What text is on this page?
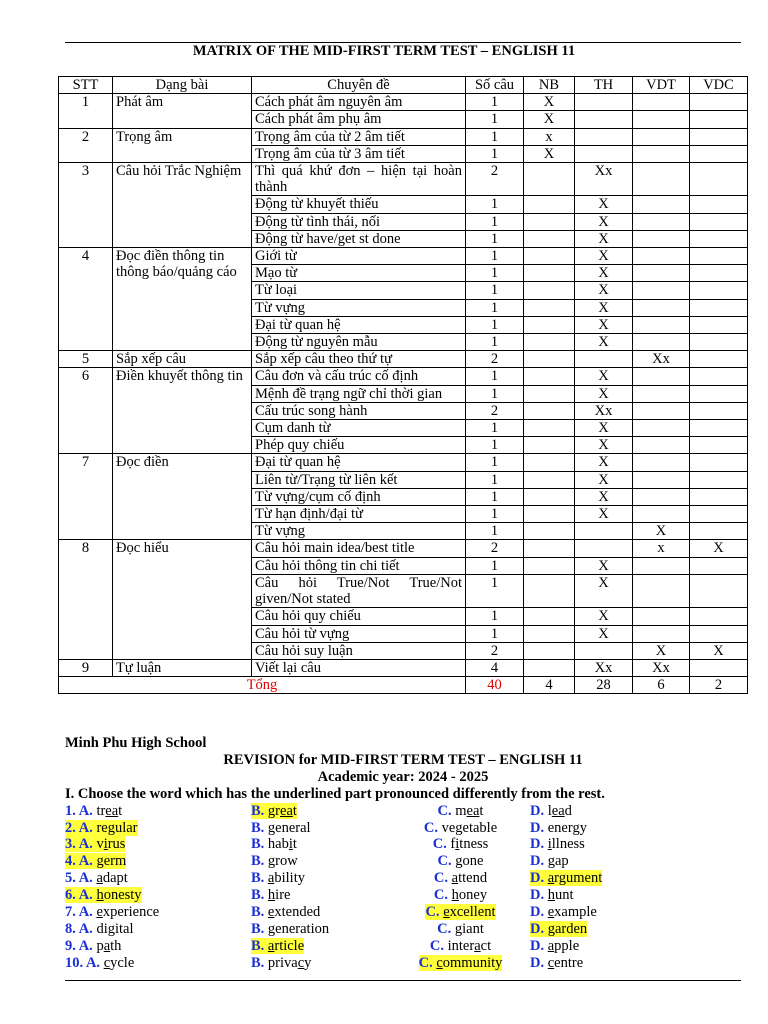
MATRIX OF THE MID-FIRST TERM TEST – ENGLISH 11
STT	Dạng bài	Chuyên đề	Số câu	NB	TH	VDT	VDC
1	Phát âm	Cách phát âm nguyên âm	1	X			
		Cách phát âm phụ âm	1	X			
2	Trọng âm	Trọng âm của từ 2 âm tiết	1	x			
		Trọng âm của từ 3 âm tiết	1	X			
3	Câu hỏi Trắc Nghiệm	Thì quá khứ đơn – hiện tại hoàn thành	2		Xx		
		Động từ khuyết thiếu	1		X		
		Động từ tình thái, nối	1		X		
		Động từ have/get st done	1		X		
4	Đọc điền thông tin thông báo/quảng cáo	Giới từ	1		X		
		Mạo từ	1		X		
		Từ loại	1		X		
		Từ vựng	1		X		
		Đại từ quan hệ	1		X		
		Động từ nguyên mẫu	1		X		
5	Sắp xếp câu	Sắp xếp câu theo thứ tự	2			Xx	
6	Điền khuyết thông tin	Câu đơn và cấu trúc cố định	1		X		
		Mệnh đề trạng ngữ chỉ thời gian	1		X		
		Cấu trúc song hành	2		Xx		
		Cụm danh từ	1		X		
		Phép quy chiếu	1		X		
7	Đọc điền	Đại từ quan hệ	1		X		
		Liên từ/Trạng từ liên kết	1		X		
		Từ vựng/cụm cố định	1		X		
		Từ hạn định/đại từ	1		X		
		Từ vựng	1			X	
8	Đọc hiểu	Câu hỏi main idea/best title	2			x	X
		Câu hỏi thông tin chi tiết	1		X		
		Câu hỏi True/Not True/Not given/Not stated	1		X		
		Câu hỏi quy chiếu	1		X		
		Câu hỏi từ vựng	1		X		
		Câu hỏi suy luận	2			X	X
9	Tự luận	Viết lại câu	4		Xx	Xx	
Tổng			40	4	28	6	2
Minh Phu High School
REVISION for MID-FIRST TERM TEST – ENGLISH 11
Academic year: 2024 - 2025
I. Choose the word which has the underlined part pronounced differently from the rest.
1. A. treat	B. great	C. meat	D. lead
2. A. regular	B. general	C. vegetable	D. energy
3. A. virus	B. habit	C. fitness	D. illness
4. A. germ	B. grow	C. gone	D. gap
5. A. adapt	B. ability	C. attend	D. argument
6. A. honesty	B. hire	C. honey	D. hunt
7. A. experience	B. extended	C. excellent	D. example
8. A. digital	B. generation	C. giant	D. garden
9. A. path	B. article	C. interact	D. apple
10. A. cycle	B. privacy	C. community	D. centre
